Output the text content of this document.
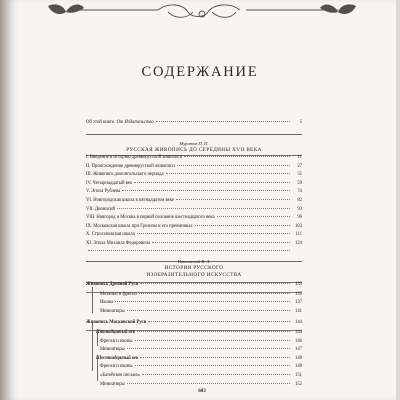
СОДЕРЖАНИЕ
Об этой книге. От Издательства	5
Муратов П. П.
РУССКАЯ ЖИВОПИСЬ ДО СЕРЕДИНЫ XVII ВЕКА
I. Введение в историю древнерусской живописи	11
II. Происхождение древнерусской живописи	27
III. Живопись домонгольского периода	35
IV. Четырнадцатый век	59
V. Эпоха Рублева	74
VI. Новгородская школа в пятнадцатом веке	82
VII. Дионисий	93
VIII. Новгород и Москва в первой половине шестнадцатого века	96
IX. Московская школа при Грозном и его преемниках	103
X. Строгановская школа	111
XI. Эпоха Михаила Федоровича	124
Никольский В. А.
ИСТОРИЯ РУССКОГО
ИЗОБРАЗИТЕЛЬНОГО ИСКУССТВА
Живопись Древней Руси	133
Мозаики и фрески	135
Иконы	137
Миниатюры	141
Живопись Московской Руси	144
Пятнадцатый век	144
Фрески и иконы	146
Миниатюры	147
Шестнадцатый век	148
Фрески и иконы	148
«Батейское письмо»	151
Миниатюры	152
603
